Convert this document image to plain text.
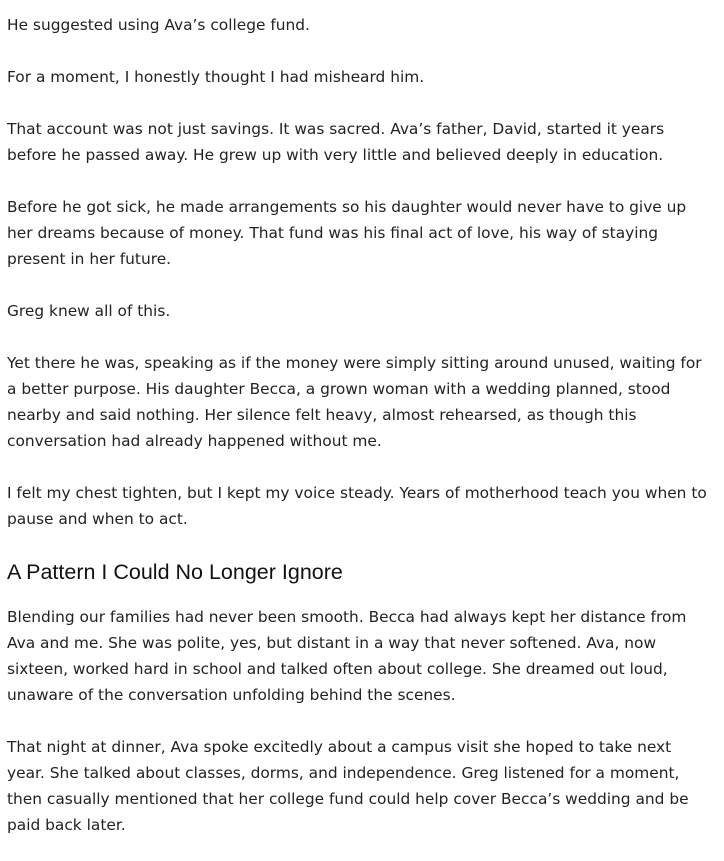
He suggested using Ava’s college fund.

For a moment, I honestly thought I had misheard him.

That account was not just savings. It was sacred. Ava’s father, David, started it years before he passed away. He grew up with very little and believed deeply in education.

Before he got sick, he made arrangements so his daughter would never have to give up her dreams because of money. That fund was his final act of love, his way of staying present in her future.

Greg knew all of this.

Yet there he was, speaking as if the money were simply sitting around unused, waiting for a better purpose. His daughter Becca, a grown woman with a wedding planned, stood nearby and said nothing. Her silence felt heavy, almost rehearsed, as though this conversation had already happened without me.

I felt my chest tighten, but I kept my voice steady. Years of motherhood teach you when to pause and when to act.

A Pattern I Could No Longer Ignore

Blending our families had never been smooth. Becca had always kept her distance from Ava and me. She was polite, yes, but distant in a way that never softened. Ava, now sixteen, worked hard in school and talked often about college. She dreamed out loud, unaware of the conversation unfolding behind the scenes.

That night at dinner, Ava spoke excitedly about a campus visit she hoped to take next year. She talked about classes, dorms, and independence. Greg listened for a moment, then casually mentioned that her college fund could help cover Becca’s wedding and be paid back later.
